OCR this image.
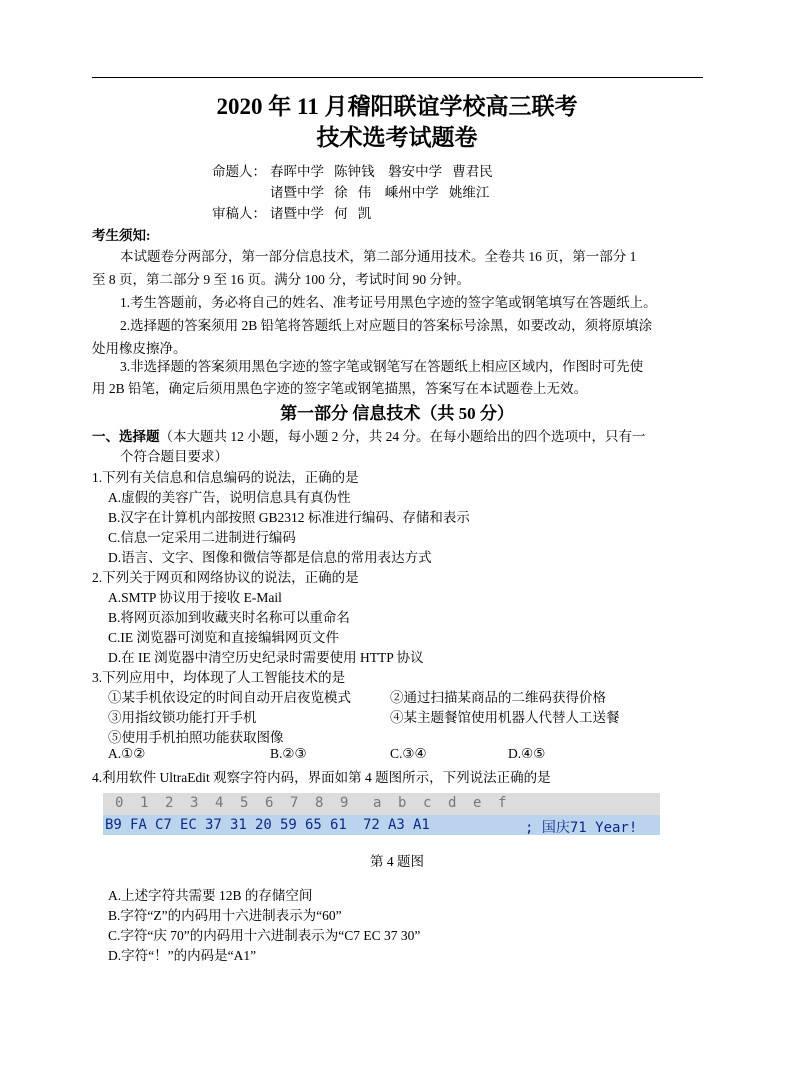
2020 年 11 月稽阳联谊学校高三联考
技术选考试题卷
命题人： 春晖中学   陈钟钱    磐安中学   曹君民
诸暨中学   徐   伟    嵊州中学   姚维江
审稿人： 诸暨中学   何   凯
考生须知:
本试题卷分两部分，第一部分信息技术，第二部分通用技术。全卷共 16 页，第一部分 1
至 8 页，第二部分 9 至 16 页。满分 100 分，考试时间 90 分钟。
1.考生答题前，务必将自己的姓名、准考证号用黑色字迹的签字笔或钢笔填写在答题纸上。
2.选择题的答案须用 2B 铅笔将答题纸上对应题目的答案标号涂黑，如要改动，须将原填涂
处用橡皮擦净。
3.非选择题的答案须用黑色字迹的签字笔或钢笔写在答题纸上相应区域内，作图时可先使
用 2B 铅笔，确定后须用黑色字迹的签字笔或钢笔描黑，答案写在本试题卷上无效。
第一部分 信息技术（共 50 分）
一、选择题（本大题共 12 小题，每小题 2 分，共 24 分。在每小题给出的四个选项中，只有一
个符合题目要求）
1.下列有关信息和信息编码的说法，正确的是
A.虚假的美容广告，说明信息具有真伪性
B.汉字在计算机内部按照 GB2312 标准进行编码、存储和表示
C.信息一定采用二进制进行编码
D.语言、文字、图像和微信等都是信息的常用表达方式
2.下列关于网页和网络协议的说法，正确的是
A.SMTP 协议用于接收 E-Mail
B.将网页添加到收藏夹时名称可以重命名
C.IE 浏览器可浏览和直接编辑网页文件
D.在 IE 浏览器中清空历史纪录时需要使用 HTTP 协议
3.下列应用中，均体现了人工智能技术的是
①某手机依设定的时间自动开启夜览模式	②通过扫描某商品的二维码获得价格
③用指纹锁功能打开手机	④某主题餐馆使用机器人代替人工送餐
⑤使用手机拍照功能获取图像
A.①②	B.②③	C.③④	D.④⑤
4.利用软件 UltraEdit 观察字符内码，界面如第 4 题图所示，下列说法正确的是
0 1 2 3 4 5 6 7 8 9 a b c d e f
B9 FA C7 EC 37 31 20 59 65 61 72 A3 A1	; 国庆71 Year!
第 4 题图
A.上述字符共需要 12B 的存储空间
B.字符“Z”的内码用十六进制表示为“60”
C.字符“庆 70”的内码用十六进制表示为“C7 EC 37 30”
D.字符“！”的内码是“A1”
